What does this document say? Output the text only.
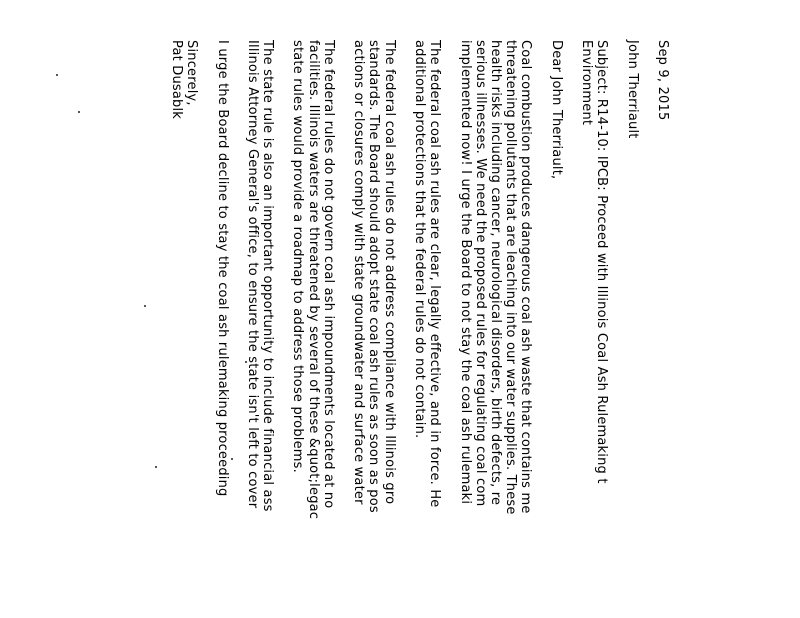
Sep 9, 2015
John Therriault
Subject: R14-10: IPCB: Proceed with Illinois Coal Ash Rulemaking t
Environment
Dear John Therriault,
Coal combustion produces dangerous coal ash waste that contains me
threatening pollutants that are leaching into our water supplies. These
health risks including cancer, neurological disorders, birth defects, re
serious illnesses. We need the proposed rules for regulating coal com
implemented now! I urge the Board to not stay the coal ash rulemaki
The federal coal ash rules are clear, legally effective, and in force. He
additional protections that the federal rules do not contain.
The federal coal ash rules do not address compliance with Illinois gro
standards. The Board should adopt state coal ash rules as soon as pos
actions or closures comply with state groundwater and surface water
The federal rules do not govern coal ash impoundments located at no
facilities. Illinois waters are threatened by several of these &quot;legac
state rules would provide a roadmap to address those problems.
The state rule is also an important opportunity to include financial ass
Illinois Attorney General's office, to ensure the state isn't left to cover
I urge the Board decline to stay the coal ash rulemaking proceeding
Sincerely,
Pat Dusablk
